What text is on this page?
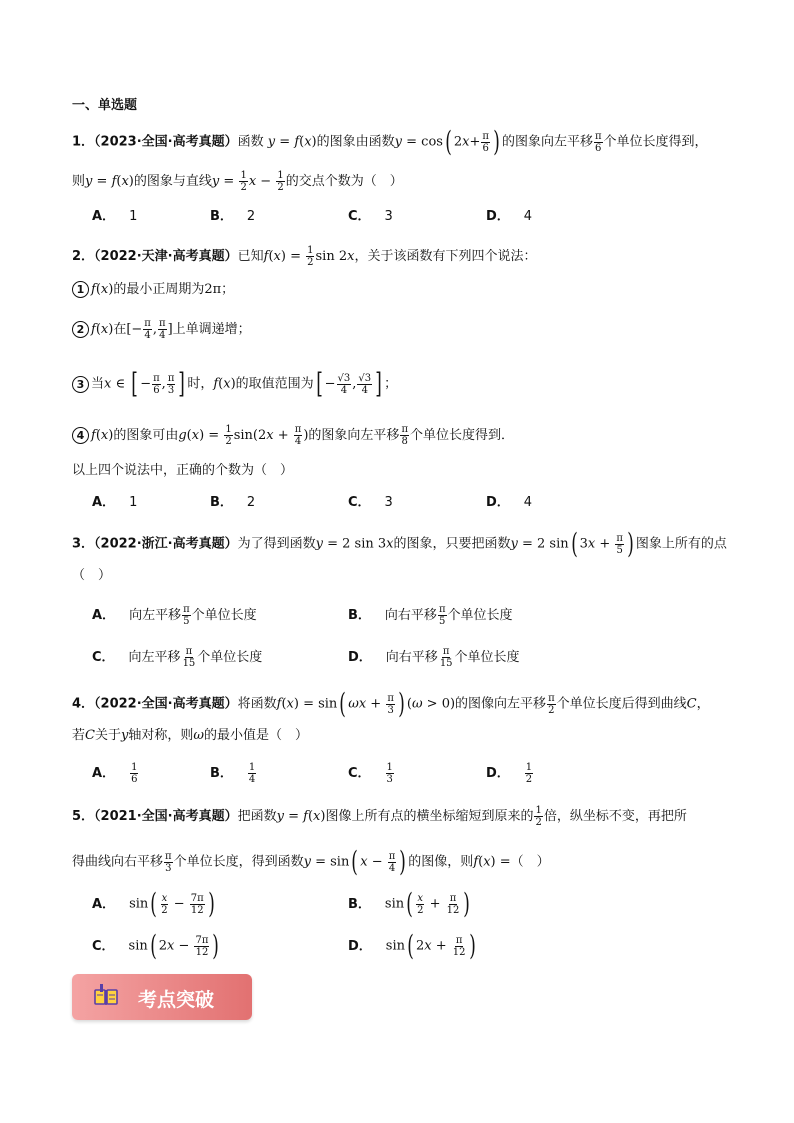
一、单选题
1．（2023·全国·高考真题）函数 y = f(x)的图象由函数y = cos( $2x+ \frac{\pi}{6}$ ) 的图象向左平移 $\frac{\pi}{6}$ 个单位长度得到，
则y = f(x)的图象与直线$y = \frac{1}{2}$ $x - \frac{1}{2}$ 的交点个数为（　）
A． 1	B． 2	C． 3	D． 4
2．（2022·天津·高考真题）已知$f(x) = \frac{1}{2}$ sin 2x，关于该函数有下列四个说法：
1 f(x)的最小正周期为2π；
2 f(x)在[− $\frac{\pi}{4}$ , $\frac{\pi}{4}$ ]上单调递增；
3 当x ∈ [ − $\frac{\pi}{6}$ , $\frac{\pi}{3}$ ] 时，f(x)的取值范围为[ − $\frac{√3}{4}$ , $\frac{√3}{4}$ ] ；
4 f(x)的图象可由$g(x) = \frac{1}{2} \sin(2x + \frac{\pi}{4}$ )的图象向左平移 $\frac{\pi}{8}$ 个单位长度得到．
以上四个说法中，正确的个数为（　）
A． 1	B． 2	C． 3	D． 4
3．（2022·浙江·高考真题）为了得到函数y = 2 sin 3x的图象，只要把函数y = 2 sin( $3x + \frac{\pi}{5}$ ) 图象上所有的点
（　）
A． 向左平移 $\frac{\pi}{5}$ 个单位长度	B． 向右平移 $\frac{\pi}{5}$ 个单位长度
C． 向左平移 $\frac{\pi}{15}$ 个单位长度	D． 向右平移 $\frac{\pi}{15}$ 个单位长度
4．（2022·全国·高考真题）将函数f(x) = sin( $\omega x + \frac{\pi}{3}$ ) (ω > 0)的图像向左平移 $\frac{\pi}{2}$ 个单位长度后得到曲线C，
若C关于y轴对称，则ω的最小值是（　）
A． $\frac{1}{6}$	B． $\frac{1}{4}$	C． $\frac{1}{3}$	D． $\frac{1}{2}$
5．（2021·全国·高考真题）把函数y = f(x)图像上所有点的横坐标缩短到原来的 $\frac{1}{2}$ 倍，纵坐标不变，再把所
得曲线向右平移 $\frac{\pi}{3}$ 个单位长度，得到函数y = sin( $x - \frac{\pi}{4}$ ) 的图像，则f(x) =（　）
A． $\sin( \frac{x}{2} - \frac{7\pi}{12}$ )	B． $\sin( \frac{x}{2} + \frac{\pi}{12}$ )
C． sin( $2x - \frac{7\pi}{12}$ )	D． sin( $2x + \frac{\pi}{12}$ )
考点突破
